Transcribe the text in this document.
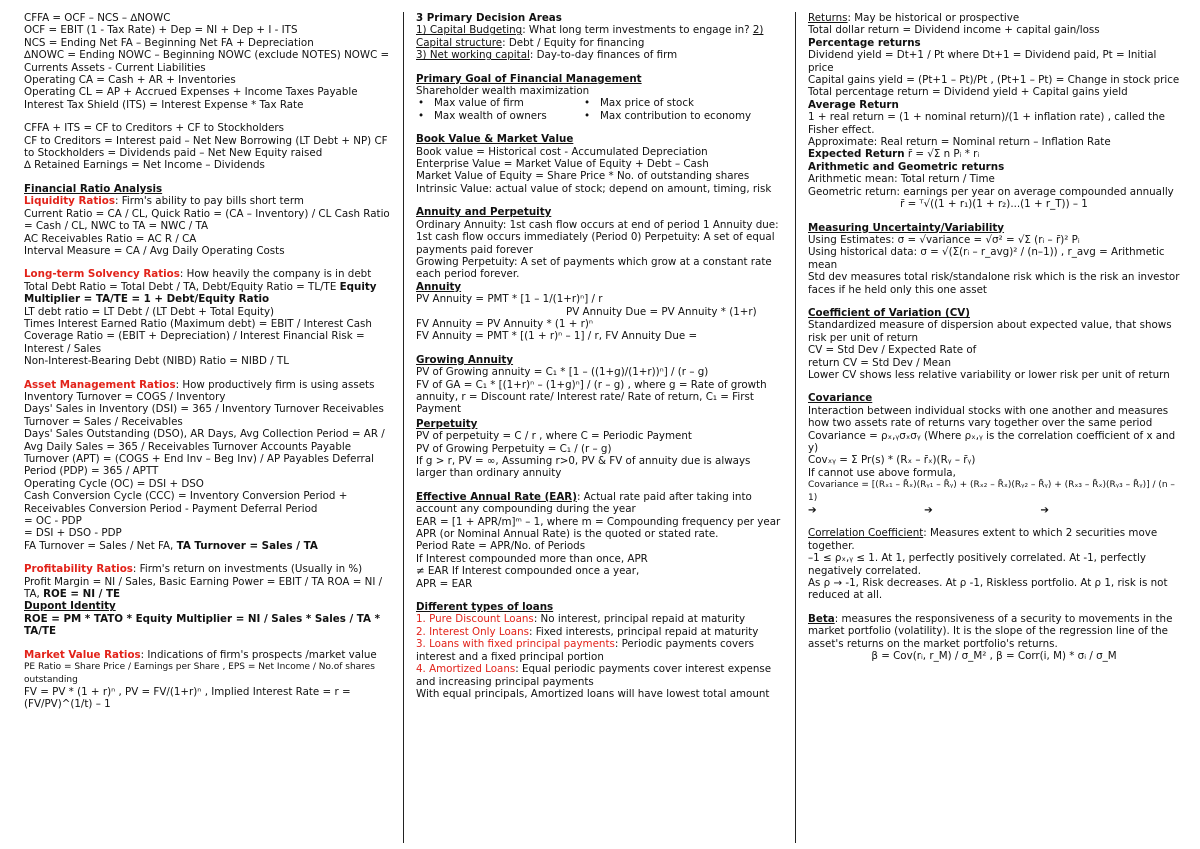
CFFA = OCF – NCS – ∆NOWC
OCF = EBIT (1 - Tax Rate) + Dep = NI + Dep + I - ITS
NCS = Ending Net FA – Beginning Net FA + Depreciation
∆NOWC = Ending NOWC – Beginning NOWC (exclude NOTES) NOWC = Currents Assets - Current Liabilities
Operating CA = Cash + AR + Inventories
Operating CL = AP + Accrued Expenses + Income Taxes Payable Interest Tax Shield (ITS) = Interest Expense * Tax Rate
CFFA + ITS = CF to Creditors + CF to Stockholders
CF to Creditors = Interest paid – Net New Borrowing (LT Debt + NP) CF to Stockholders = Dividends paid – Net New Equity raised
∆ Retained Earnings = Net Income – Dividends
Financial Ratio Analysis
Liquidity Ratios: Firm's ability to pay bills short term
Current Ratio = CA / CL, Quick Ratio = (CA – Inventory) / CL Cash Ratio = Cash / CL, NWC to TA = NWC / TA
AC Receivables Ratio = AC R / CA
Interval Measure = CA / Avg Daily Operating Costs
Long-term Solvency Ratios: How heavily the company is in debt Total Debt Ratio = Total Debt / TA, Debt/Equity Ratio = TL/TE Equity Multiplier = TA/TE = 1 + Debt/Equity Ratio
LT debt ratio = LT Debt / (LT Debt + Total Equity)
Times Interest Earned Ratio (Maximum debt) = EBIT / Interest Cash Coverage Ratio = (EBIT + Depreciation) / Interest Financial Risk = Interest / Sales
Non-Interest-Bearing Debt (NIBD) Ratio = NIBD / TL
Asset Management Ratios: How productively firm is using assets Inventory Turnover = COGS / Inventory
Days' Sales in Inventory (DSI) = 365 / Inventory Turnover Receivables Turnover = Sales / Receivables
Days' Sales Outstanding (DSO), AR Days, Avg Collection Period = AR / Avg Daily Sales = 365 / Receivables Turnover Accounts Payable Turnover (APT) = (COGS + End Inv – Beg Inv) / AP Payables Deferral Period (PDP) = 365 / APTT
Operating Cycle (OC) = DSI + DSO
Cash Conversion Cycle (CCC) = Inventory Conversion Period + Receivables Conversion Period - Payment Deferral Period
= OC - PDP
= DSI + DSO - PDP
FA Turnover = Sales / Net FA, TA Turnover = Sales / TA
Profitability Ratios: Firm's return on investments (Usually in %) Profit Margin = NI / Sales, Basic Earning Power = EBIT / TA ROA = NI / TA, ROE = NI / TE
Dupont Identity
ROE = PM * TATO * Equity Multiplier = NI / Sales * Sales / TA * TA/TE
Market Value Ratios: Indications of firm's prospects /market value
PE Ratio = Share Price / Earnings per Share , EPS = Net Income / No.of shares outstanding
FV = PV * (1 + r)ⁿ , PV = FV/(1+r)ⁿ , Implied Interest Rate = r = (FV/PV)^(1/t) – 1
3 Primary Decision Areas
1) Capital Budgeting: What long term investments to engage in? 2) Capital structure: Debt / Equity for financing
3) Net working capital: Day-to-day finances of firm
Primary Goal of Financial Management
Shareholder wealth maximization
• Max value of firm	• Max price of stock
• Max wealth of owners	• Max contribution to economy
Book Value & Market Value
Book value = Historical cost - Accumulated Depreciation
Enterprise Value = Market Value of Equity + Debt – Cash
Market Value of Equity = Share Price * No. of outstanding shares Intrinsic Value: actual value of stock; depend on amount, timing, risk
Annuity and Perpetuity
Ordinary Annuity: 1st cash flow occurs at end of period 1 Annuity due: 1st cash flow occurs immediately (Period 0) Perpetuity: A set of equal payments paid forever
Growing Perpetuity: A set of payments which grow at a constant rate each period forever.
Annuity
PV Annuity = PMT * [1 – 1/(1+r)ⁿ] / r
PV Annuity Due = PV Annuity * (1+r)
FV Annuity = PV Annuity * (1 + r)ⁿ
FV Annuity = PMT * [(1 + r)ⁿ – 1] / r, FV Annuity Due =
Growing Annuity
PV of Growing annuity = C₁ * [1 – ((1+g)/(1+r))ⁿ] / (r – g)
FV of GA = C₁ * [(1+r)ⁿ – (1+g)ⁿ] / (r – g) , where g = Rate of growth annuity, r = Discount rate/ Interest rate/ Rate of return, C₁ = First Payment
Perpetuity
PV of perpetuity = C / r , where C = Periodic Payment
PV of Growing Perpetuity = C₁ / (r – g)
If g > r, PV = ∞, Assuming r>0, PV & FV of annuity due is always larger than ordinary annuity
Effective Annual Rate (EAR): Actual rate paid after taking into account any compounding during the year
EAR = [1 + APR/m]ᵐ – 1, where m = Compounding frequency per year
APR (or Nominal Annual Rate) is the quoted or stated rate.
Period Rate = APR/No. of Periods
If Interest compounded more than once, APR
≠ EAR If Interest compounded once a year,
APR = EAR
Different types of loans
1. Pure Discount Loans: No interest, principal repaid at maturity
2. Interest Only Loans: Fixed interests, principal repaid at maturity
3. Loans with fixed principal payments: Periodic payments covers interest and a fixed principal portion
4. Amortized Loans: Equal periodic payments cover interest expense and increasing principal payments
With equal principals, Amortized loans will have lowest total amount
Returns: May be historical or prospective
Total dollar return = Dividend income + capital gain/loss
Percentage returns
Dividend yield = Dt+1 / Pt where Dt+1 = Dividend paid, Pt = Initial price
Capital gains yield = (Pt+1 – Pt)/Pt , (Pt+1 – Pt) = Change in stock price
Total percentage return = Dividend yield + Capital gains yield
Average Return
1 + real return = (1 + nominal return)/(1 + inflation rate) , called the Fisher effect.
Approximate: Real return = Nominal return – Inflation Rate
Expected Return r̄ = √Σ n Pᵢ * rᵢ
Arithmetic and Geometric returns
Arithmetic mean: Total return / Time
Geometric return: earnings per year on average compounded annually
r̄ = ᵀ√((1 + r₁)(1 + r₂)...(1 + r_T)) – 1
Measuring Uncertainty/Variability
Using Estimates: σ = √variance = √σ² = √Σ (rᵢ – r̄)² Pᵢ
Using historical data: σ = √(Σ(rᵢ – r_avg)² / (n–1)) , r_avg = Arithmetic mean
Std dev measures total risk/standalone risk which is the risk an investor faces if he held only this one asset
Coefficient of Variation (CV)
Standardized measure of dispersion about expected value, that shows risk per unit of return
CV = Std Dev / Expected Rate of
return CV = Std Dev / Mean
Lower CV shows less relative variability or lower risk per unit of return
Covariance
Interaction between individual stocks with one another and measures how two assets rate of returns vary together over the same period
Covariance = ρₓ,ᵧσₓσᵧ (Where ρₓ,ᵧ is the correlation coefficient of x and y)
Covₓᵧ = Σ Pr(s) * (Rₓ – r̄ₓ)(Rᵧ – r̄ᵧ)
If cannot use above formula,
Covariance = [(Rₓ₁ – R̄ₓ)(Rᵧ₁ – R̄ᵧ) + (Rₓ₂ – R̄ₓ)(Rᵧ₂ – R̄ᵧ) + (Rₓ₃ – R̄ₓ)(Rᵧ₃ – R̄ᵧ)] / (n – 1)
➔                              ➔                              ➔
Correlation Coefficient: Measures extent to which 2 securities move together.
–1 ≤ ρₓ,ᵧ ≤ 1. At 1, perfectly positively correlated. At -1, perfectly negatively correlated.
As ρ → -1, Risk decreases. At ρ -1, Riskless portfolio. At ρ 1, risk is not reduced at all.
Beta: measures the responsiveness of a security to movements in the market portfolio (volatility). It is the slope of the regression line of the asset's returns on the market portfolio's returns.
β = Cov(rᵢ, r_M) / σ_M² , β = Corr(i, M) * σᵢ / σ_M
